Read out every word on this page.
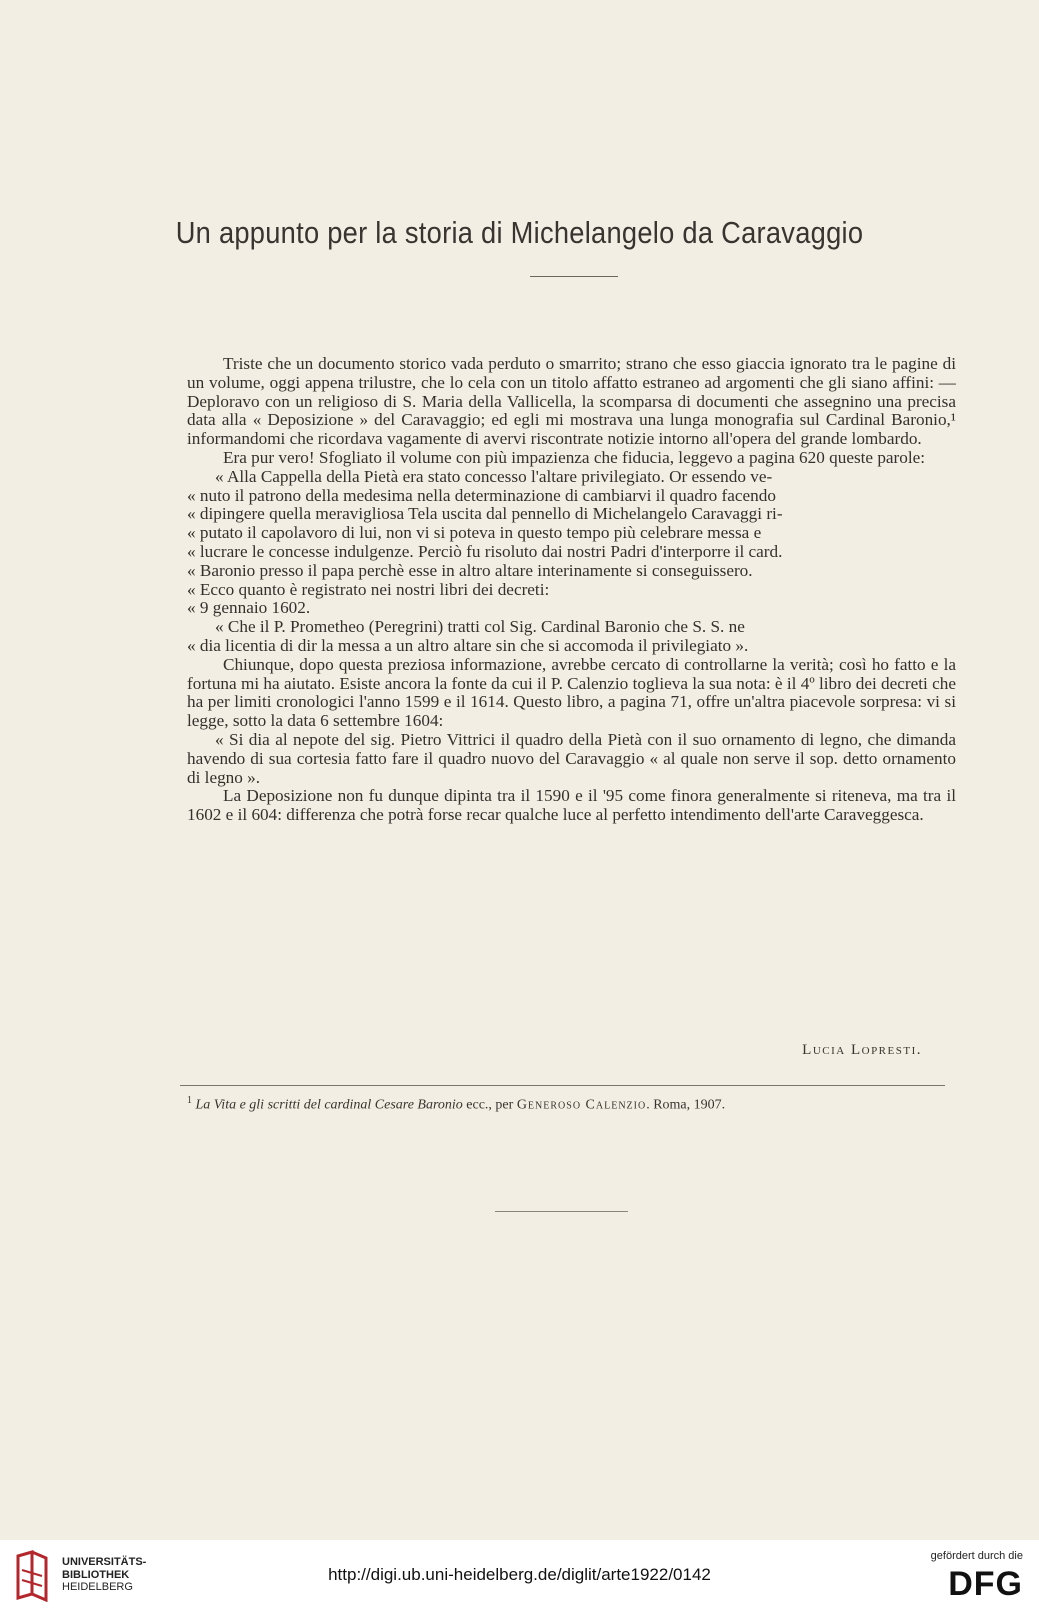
Un appunto per la storia di Michelangelo da Caravaggio

Triste che un documento storico vada perduto o smarrito; strano che esso giaccia ignorato tra le pagine di un volume, oggi appena trilustre, che lo cela con un titolo affatto estraneo ad argomenti che gli siano affini: — Deploravo con un religioso di S. Maria della Vallicella, la scomparsa di documenti che assegnino una precisa data alla « Deposizione » del Caravaggio; ed egli mi mostrava una lunga monografia sul Cardinal Baronio,¹ informandomi che ricordava vagamente di avervi riscontrate notizie intorno all'opera del grande lombardo.

Era pur vero! Sfogliato il volume con più impazienza che fiducia, leggevo a pagina 620 queste parole:

« Alla Cappella della Pietà era stato concesso l'altare privilegiato. Or essendo ve-

« nuto il patrono della medesima nella determinazione di cambiarvi il quadro facendo

« dipingere quella meravigliosa Tela uscita dal pennello di Michelangelo Caravaggi ri-

« putato il capolavoro di lui, non vi si poteva in questo tempo più celebrare messa e

« lucrare le concesse indulgenze. Perciò fu risoluto dai nostri Padri d'interporre il card.

« Baronio presso il papa perchè esse in altro altare interinamente si conseguissero.

« Ecco quanto è registrato nei nostri libri dei decreti:

« 9 gennaio 1602.

« Che il P. Prometheo (Peregrini) tratti col Sig. Cardinal Baronio che S. S. ne

« dia licentia di dir la messa a un altro altare sin che si accomoda il privilegiato ».

Chiunque, dopo questa preziosa informazione, avrebbe cercato di controllarne la verità; così ho fatto e la fortuna mi ha aiutato. Esiste ancora la fonte da cui il P. Calenzio toglieva la sua nota: è il 4º libro dei decreti che ha per limiti cronologici l'anno 1599 e il 1614. Questo libro, a pagina 71, offre un'altra piacevole sorpresa: vi si legge, sotto la data 6 settembre 1604:

« Si dia al nepote del sig. Pietro Vittrici il quadro della Pietà con il suo ornamento di legno, che dimanda havendo di sua cortesia fatto fare il quadro nuovo del Caravaggio « al quale non serve il sop. detto ornamento di legno ».

La Deposizione non fu dunque dipinta tra il 1590 e il '95 come finora generalmente si riteneva, ma tra il 1602 e il 604: differenza che potrà forse recar qualche luce al perfetto intendimento dell'arte Caraveggesca.

Lucia Lopresti.
$^1$ La Vita e gli scritti del cardinal Cesare Baronio ecc., per Generoso Calenzio. Roma, 1907.
UNIVERSITÄTS-
BIBLIOTHEK
HEIDELBERG
http://digi.ub.uni-heidelberg.de/diglit/arte1922/0142
gefördert durch die
DFG
